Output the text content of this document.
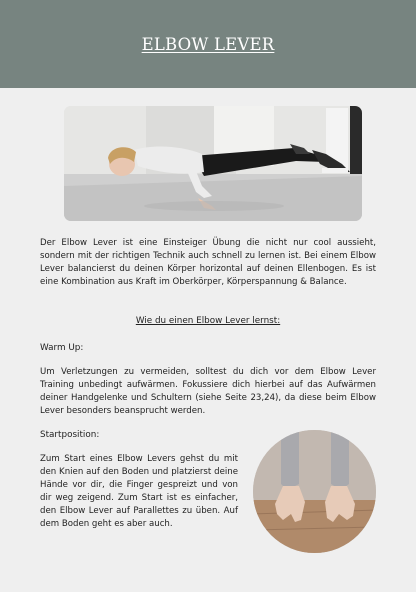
ELBOW LEVER

Der Elbow Lever ist eine Einsteiger Übung die nicht nur cool aussieht, sondern mit der richtigen Technik auch schnell zu lernen ist. Bei einem Elbow Lever balancierst du deinen Körper horizontal auf deinen Ellenbogen. Es ist eine Kombination aus Kraft im Oberkörper, Körperspannung & Balance.

Wie du einen Elbow Lever lernst:

Warm Up:

Um Verletzungen zu vermeiden, solltest du dich vor dem Elbow Lever Training unbedingt aufwärmen. Fokussiere dich hierbei auf das Aufwärmen deiner Handgelenke und Schultern (siehe Seite 23,24), da diese beim Elbow Lever besonders beansprucht werden.

Startposition:

Zum Start eines Elbow Levers gehst du mit den Knien auf den Boden und platzierst deine Hände vor dir, die Finger gespreizt und von dir weg zeigend. Zum Start ist es einfacher, den Elbow Lever auf Parallettes zu üben. Auf dem Boden geht es aber auch.
